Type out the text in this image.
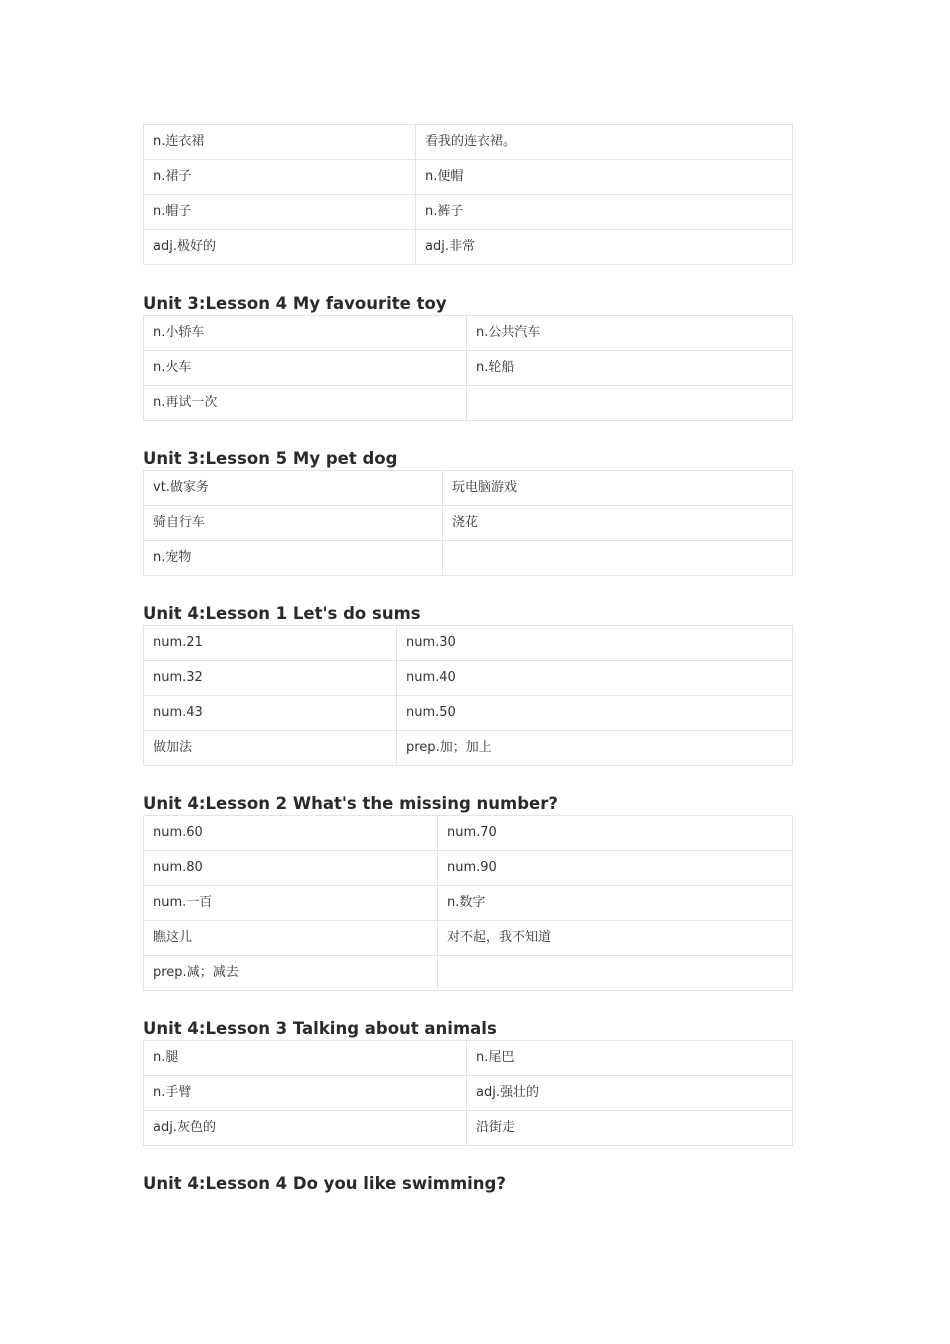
n.连衣裙	看我的连衣裙。
n.裙子	n.便帽
n.帽子	n.裤子
adj.极好的	adj.非常
Unit 3:Lesson 4 My favourite toy
n.小轿车	n.公共汽车
n.火车	n.轮船
n.再试一次	
Unit 3:Lesson 5 My pet dog
vt.做家务	玩电脑游戏
骑自行车	浇花
n.宠物	
Unit 4:Lesson 1 Let's do sums
num.21	num.30
num.32	num.40
num.43	num.50
做加法	prep.加；加上
Unit 4:Lesson 2 What's the missing number?
num.60	num.70
num.80	num.90
num.一百	n.数字
瞧这儿	对不起，我不知道
prep.减；减去	
Unit 4:Lesson 3 Talking about animals
n.腿	n.尾巴
n.手臂	adj.强壮的
adj.灰色的	沿街走
Unit 4:Lesson 4 Do you like swimming?
